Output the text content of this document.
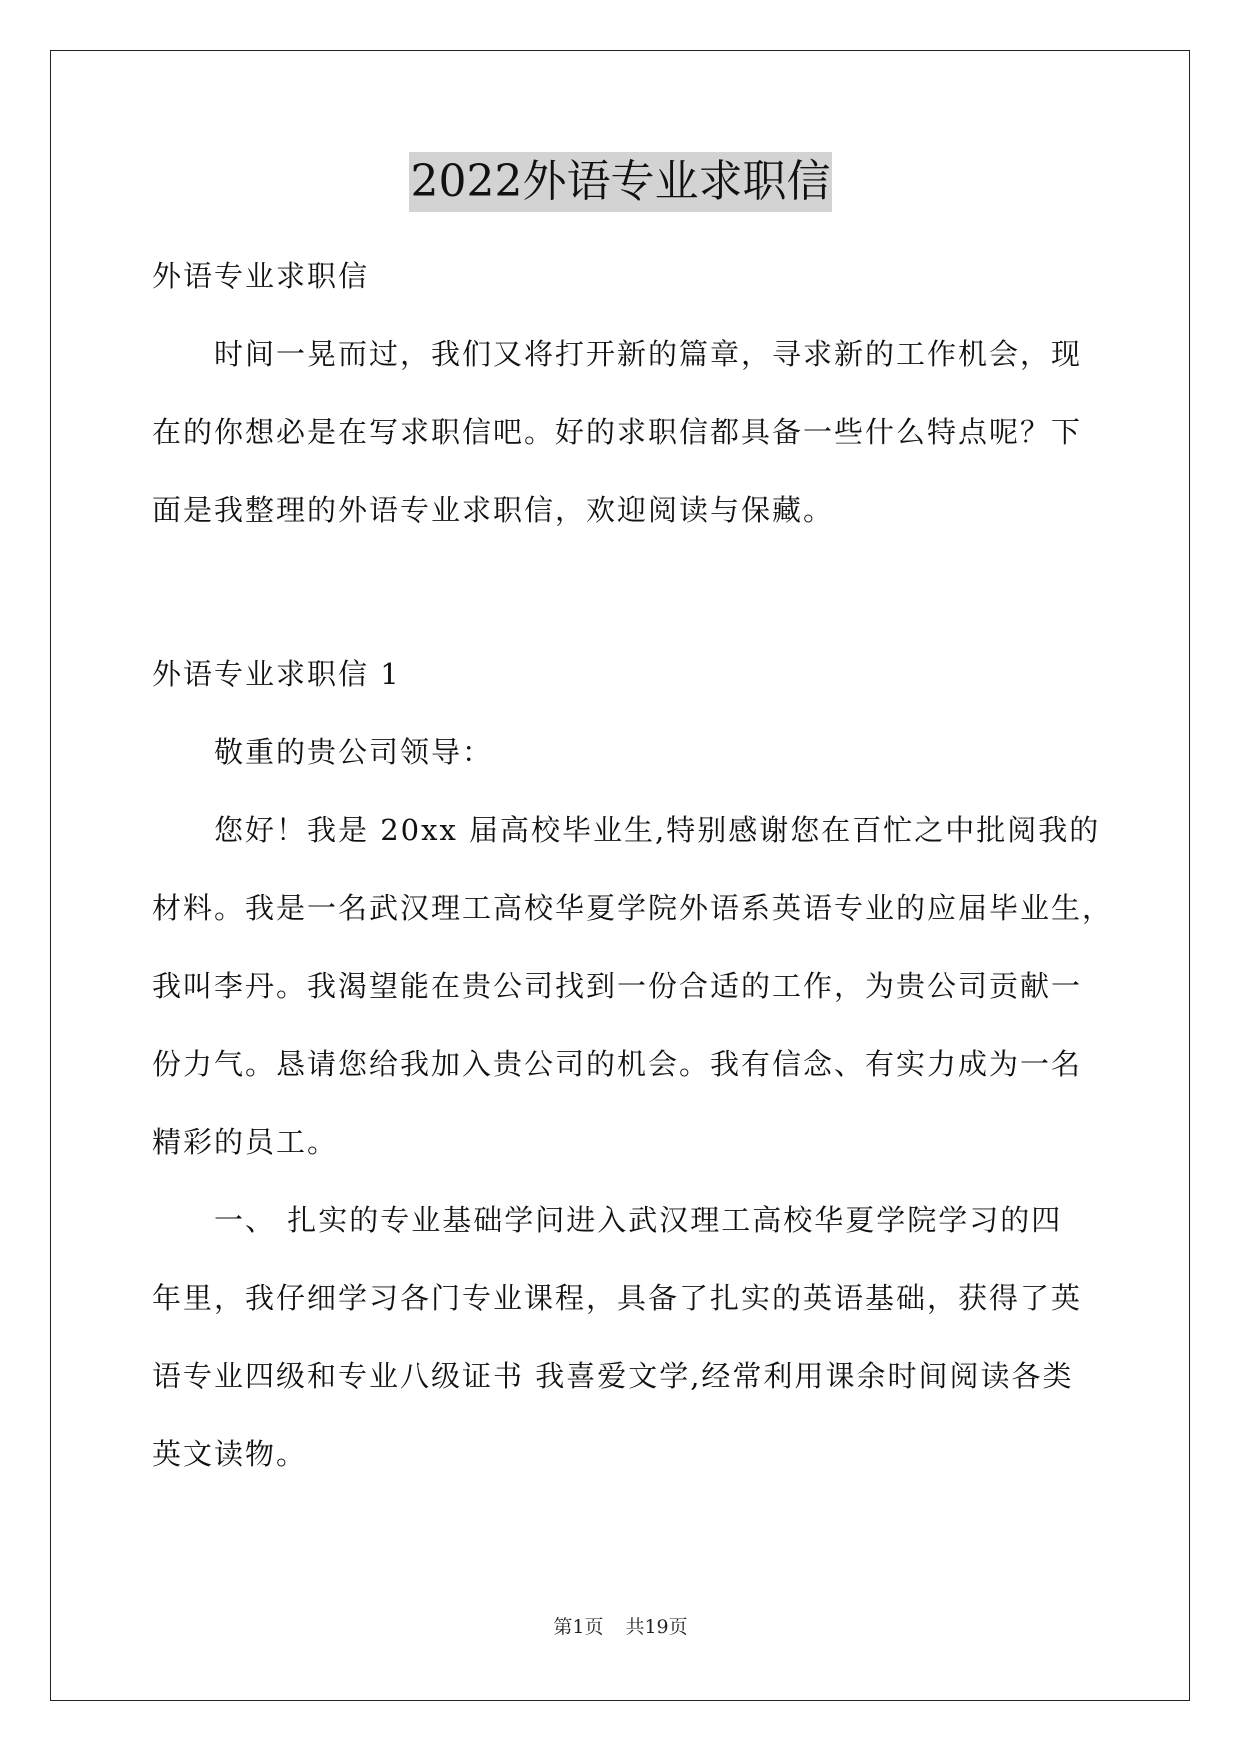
2022外语专业求职信
外语专业求职信
时间一晃而过，我们又将打开新的篇章，寻求新的工作机会，现
在的你想必是在写求职信吧。好的求职信都具备一些什么特点呢？下
面是我整理的外语专业求职信，欢迎阅读与保藏。
外语专业求职信 1
敬重的贵公司领导：
您好！我是 20xx 届高校毕业生,特别感谢您在百忙之中批阅我的
材料。我是一名武汉理工高校华夏学院外语系英语专业的应届毕业生，
我叫李丹。我渴望能在贵公司找到一份合适的工作，为贵公司贡献一
份力气。恳请您给我加入贵公司的机会。我有信念、有实力成为一名
精彩的员工。
一、 扎实的专业基础学问进入武汉理工高校华夏学院学习的四
年里，我仔细学习各门专业课程，具备了扎实的英语基础，获得了英
语专业四级和专业八级证书 我喜爱文学,经常利用课余时间阅读各类
英文读物。
第1页 共19页
